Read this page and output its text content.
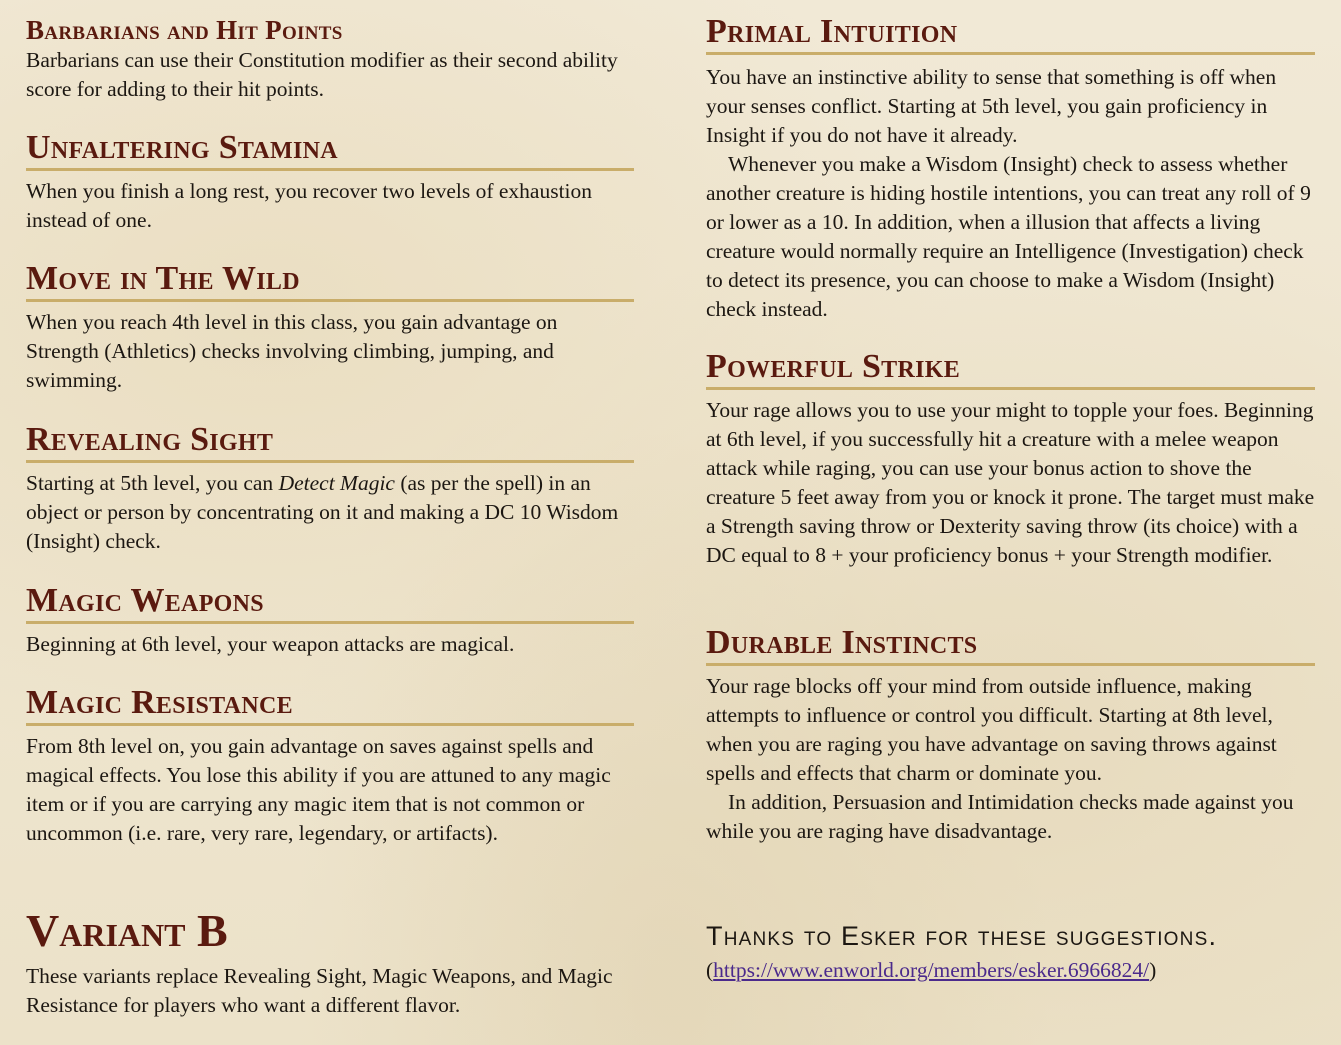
Barbarians and Hit Points

Barbarians can use their Constitution modifier as their second ability score for adding to their hit points.

Unfaltering Stamina

When you finish a long rest, you recover two levels of exhaustion instead of one.

Move in The Wild

When you reach 4th level in this class, you gain advantage on Strength (Athletics) checks involving climbing, jumping, and swimming.

Revealing Sight

Starting at 5th level, you can Detect Magic (as per the spell) in an object or person by concentrating on it and making a DC 10 Wisdom (Insight) check.

Magic Weapons

Beginning at 6th level, your weapon attacks are magical.

Magic Resistance

From 8th level on, you gain advantage on saves against spells and magical effects. You lose this ability if you are attuned to any magic item or if you are carrying any magic item that is not common or uncommon (i.e. rare, very rare, legendary, or artifacts).

Variant B

These variants replace Revealing Sight, Magic Weapons, and Magic Resistance for players who want a different flavor.

Primal Intuition

You have an instinctive ability to sense that something is off when your senses conflict. Starting at 5th level, you gain proficiency in Insight if you do not have it already.

Whenever you make a Wisdom (Insight) check to assess whether another creature is hiding hostile intentions, you can treat any roll of 9 or lower as a 10. In addition, when a illusion that affects a living creature would normally require an Intelligence (Investigation) check to detect its presence, you can choose to make a Wisdom (Insight) check instead.

Powerful Strike

Your rage allows you to use your might to topple your foes. Beginning at 6th level, if you successfully hit a creature with a melee weapon attack while raging, you can use your bonus action to shove the creature 5 feet away from you or knock it prone. The target must make a Strength saving throw or Dexterity saving throw (its choice) with a DC equal to 8 + your proficiency bonus + your Strength modifier.

Durable Instincts

Your rage blocks off your mind from outside influence, making attempts to influence or control you difficult. Starting at 8th level, when you are raging you have advantage on saving throws against spells and effects that charm or dominate you.

In addition, Persuasion and Intimidation checks made against you while you are raging have disadvantage.

Thanks to Esker for these suggestions.

(https://www.enworld.org/members/esker.6966824/)
